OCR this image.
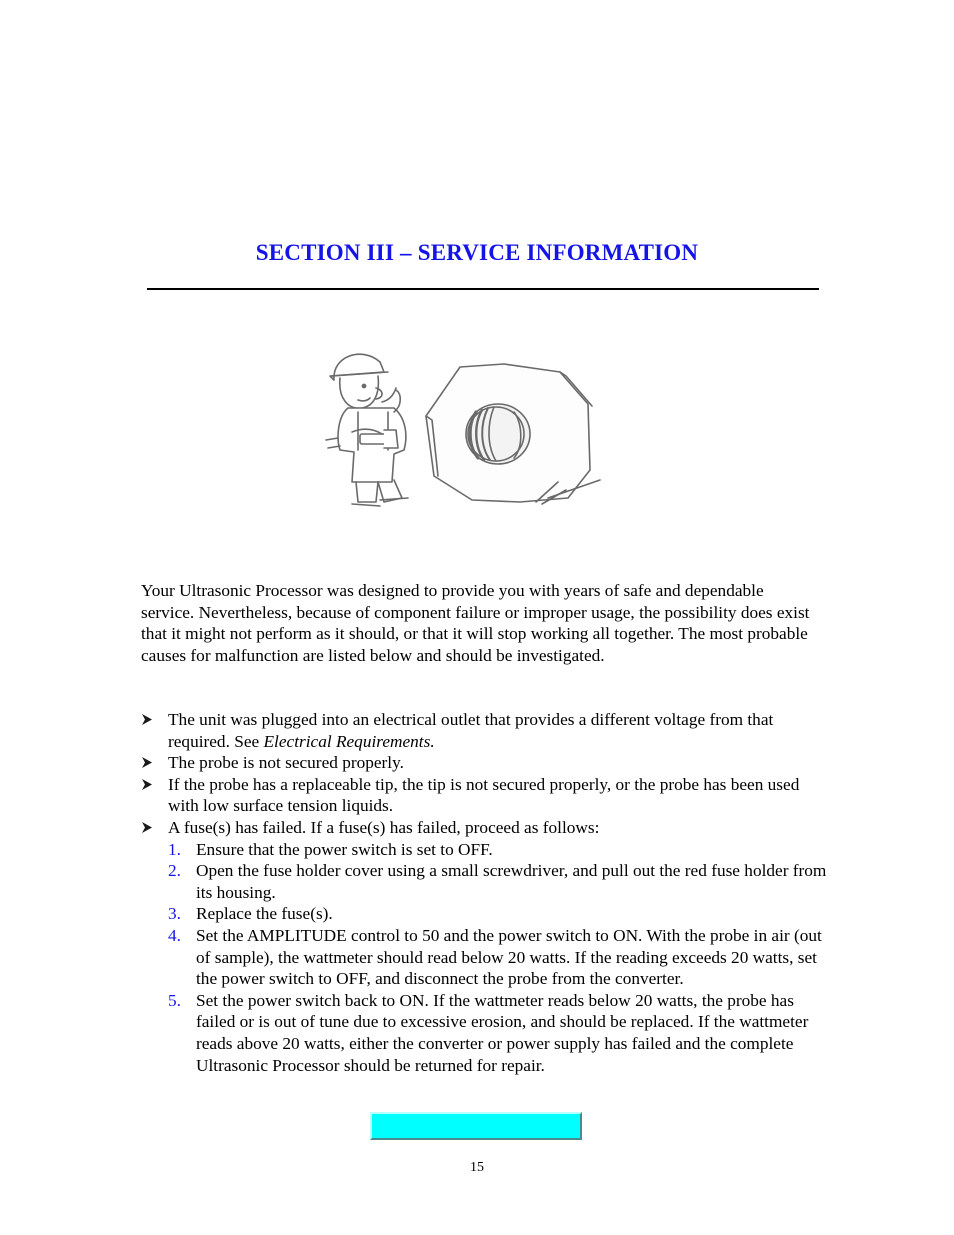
SECTION III – SERVICE INFORMATION

Your Ultrasonic Processor was designed to provide you with years of safe and dependable service. Nevertheless, because of component failure or improper usage, the possibility does exist that it might not perform as it should, or that it will stop working all together. The most probable causes for malfunction are listed below and should be investigated.

The unit was plugged into an electrical outlet that provides a different voltage from that required. See Electrical Requirements.
The probe is not secured properly.
If the probe has a replaceable tip, the tip is not secured properly, or the probe has been used with low surface tension liquids.
A fuse(s) has failed. If a fuse(s) has failed, proceed as follows:
1. Ensure that the power switch is set to OFF.
2. Open the fuse holder cover using a small screwdriver, and pull out the red fuse holder from its housing.
3. Replace the fuse(s).
4. Set the AMPLITUDE control to 50 and the power switch to ON. With the probe in air (out of sample), the wattmeter should read below 20 watts. If the reading exceeds 20 watts, set the power switch to OFF, and disconnect the probe from the converter.
5. Set the power switch back to ON. If the wattmeter reads below 20 watts, the probe has failed or is out of tune due to excessive erosion, and should be replaced. If the wattmeter reads above 20 watts, either the converter or power supply has failed and the complete Ultrasonic Processor should be returned for repair.
15
